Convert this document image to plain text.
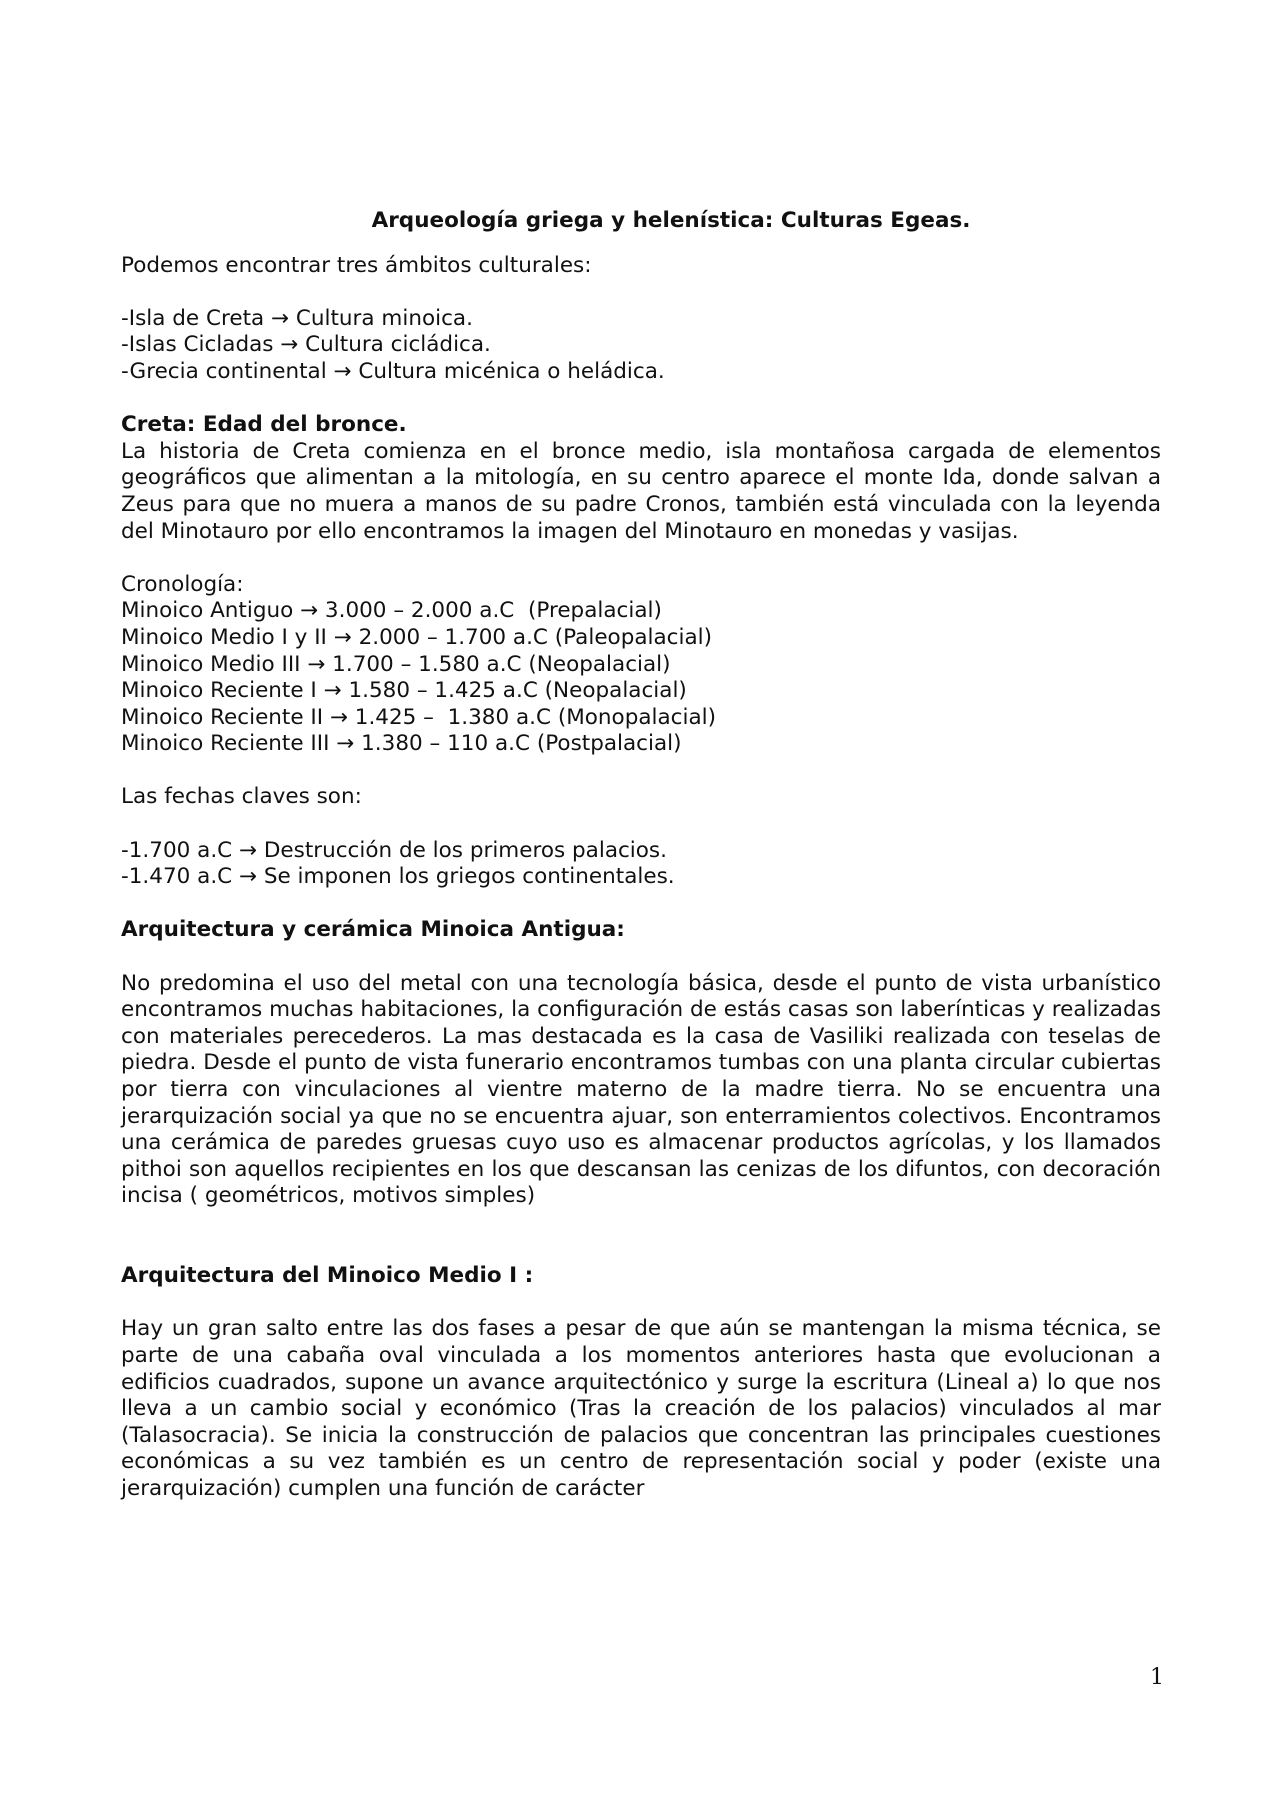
Arqueología griega y helenística: Culturas Egeas.

Podemos encontrar tres ámbitos culturales:

-Isla de Creta → Cultura minoica.
-Islas Cicladas → Cultura cicládica.
-Grecia continental → Cultura micénica o heládica.

Creta: Edad del bronce.

La historia de Creta comienza en el bronce medio, isla montañosa cargada de elementos geográficos que alimentan a la mitología, en su centro aparece el monte Ida, donde salvan a Zeus para que no muera a manos de su padre Cronos, también está vinculada con la leyenda del Minotauro por ello encontramos la imagen del Minotauro en monedas y vasijas.

Cronología:

Minoico Antiguo → 3.000 – 2.000 a.C  (Prepalacial)
Minoico Medio I y II → 2.000 – 1.700 a.C (Paleopalacial)
Minoico Medio III → 1.700 – 1.580 a.C (Neopalacial)
Minoico Reciente I → 1.580 – 1.425 a.C (Neopalacial)
Minoico Reciente II → 1.425 –  1.380 a.C (Monopalacial)
Minoico Reciente III → 1.380 – 110 a.C (Postpalacial)

Las fechas claves son:

-1.700 a.C → Destrucción de los primeros palacios.
-1.470 a.C → Se imponen los griegos continentales.

Arquitectura y cerámica Minoica Antigua:

No predomina el uso del metal con una tecnología básica, desde el punto de vista urbanístico encontramos muchas habitaciones, la configuración de estás casas son laberínticas y realizadas con materiales perecederos. La mas destacada es la casa de Vasiliki realizada con teselas de piedra. Desde el punto de vista funerario encontramos tumbas con una planta circular cubiertas por tierra con vinculaciones al vientre materno de la madre tierra. No se encuentra una jerarquización social ya que no se encuentra ajuar, son enterramientos colectivos. Encontramos una cerámica de paredes gruesas cuyo uso es almacenar productos agrícolas, y los llamados pithoi son aquellos recipientes en los que descansan las cenizas de los difuntos, con decoración incisa ( geométricos, motivos simples)

Arquitectura del Minoico Medio I :

Hay un gran salto entre las dos fases a pesar de que aún se mantengan la misma técnica, se parte de una cabaña oval vinculada a los momentos anteriores hasta que evolucionan a edificios cuadrados, supone un avance arquitectónico y surge la escritura (Lineal a) lo que nos lleva a un cambio social y económico (Tras la creación de los palacios) vinculados al mar (Talasocracia). Se inicia la construcción de palacios que concentran las principales cuestiones económicas a su vez también es un centro de representación social y poder (existe una jerarquización) cumplen una función de carácter

1
